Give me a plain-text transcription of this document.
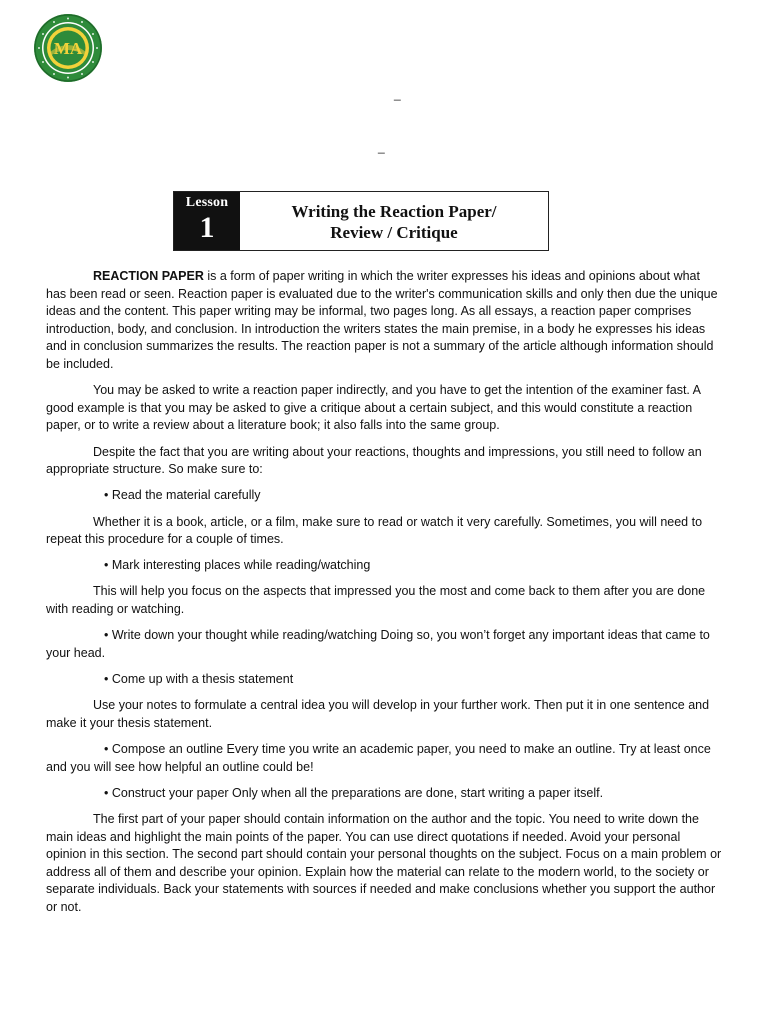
MA
_
_
Lesson
1	Writing the Reaction Paper/
Review / Critique

REACTION PAPER is a form of paper writing in which the writer expresses his ideas and opinions about what has been read or seen. Reaction paper is evaluated due to the writer's communication skills and only then due the unique ideas and the content. This paper writing may be informal, two pages long. As all essays, a reaction paper comprises introduction, body, and conclusion. In introduction the writers states the main premise, in a body he expresses his ideas and in conclusion summarizes the results. The reaction paper is not a summary of the article although information should be included.

You may be asked to write a reaction paper indirectly, and you have to get the intention of the examiner fast. A good example is that you may be asked to give a critique about a certain subject, and this would constitute a reaction paper, or to write a review about a literature book; it also falls into the same group.

Despite the fact that you are writing about your reactions, thoughts and impressions, you still need to follow an appropriate structure. So make sure to:

• Read the material carefully

Whether it is a book, article, or a film, make sure to read or watch it very carefully. Sometimes, you will need to repeat this procedure for a couple of times.

• Mark interesting places while reading/watching

This will help you focus on the aspects that impressed you the most and come back to them after you are done with reading or watching.

• Write down your thought while reading/watching Doing so, you won’t forget any important ideas that came to your head.

• Come up with a thesis statement

Use your notes to formulate a central idea you will develop in your further work. Then put it in one sentence and make it your thesis statement.

• Compose an outline Every time you write an academic paper, you need to make an outline. Try at least once and you will see how helpful an outline could be!

• Construct your paper Only when all the preparations are done, start writing a paper itself.

The first part of your paper should contain information on the author and the topic. You need to write down the main ideas and highlight the main points of the paper. You can use direct quotations if needed. Avoid your personal opinion in this section. The second part should contain your personal thoughts on the subject. Focus on a main problem or address all of them and describe your opinion. Explain how the material can relate to the modern world, to the society or separate individuals. Back your statements with sources if needed and make conclusions whether you support the author or not.
